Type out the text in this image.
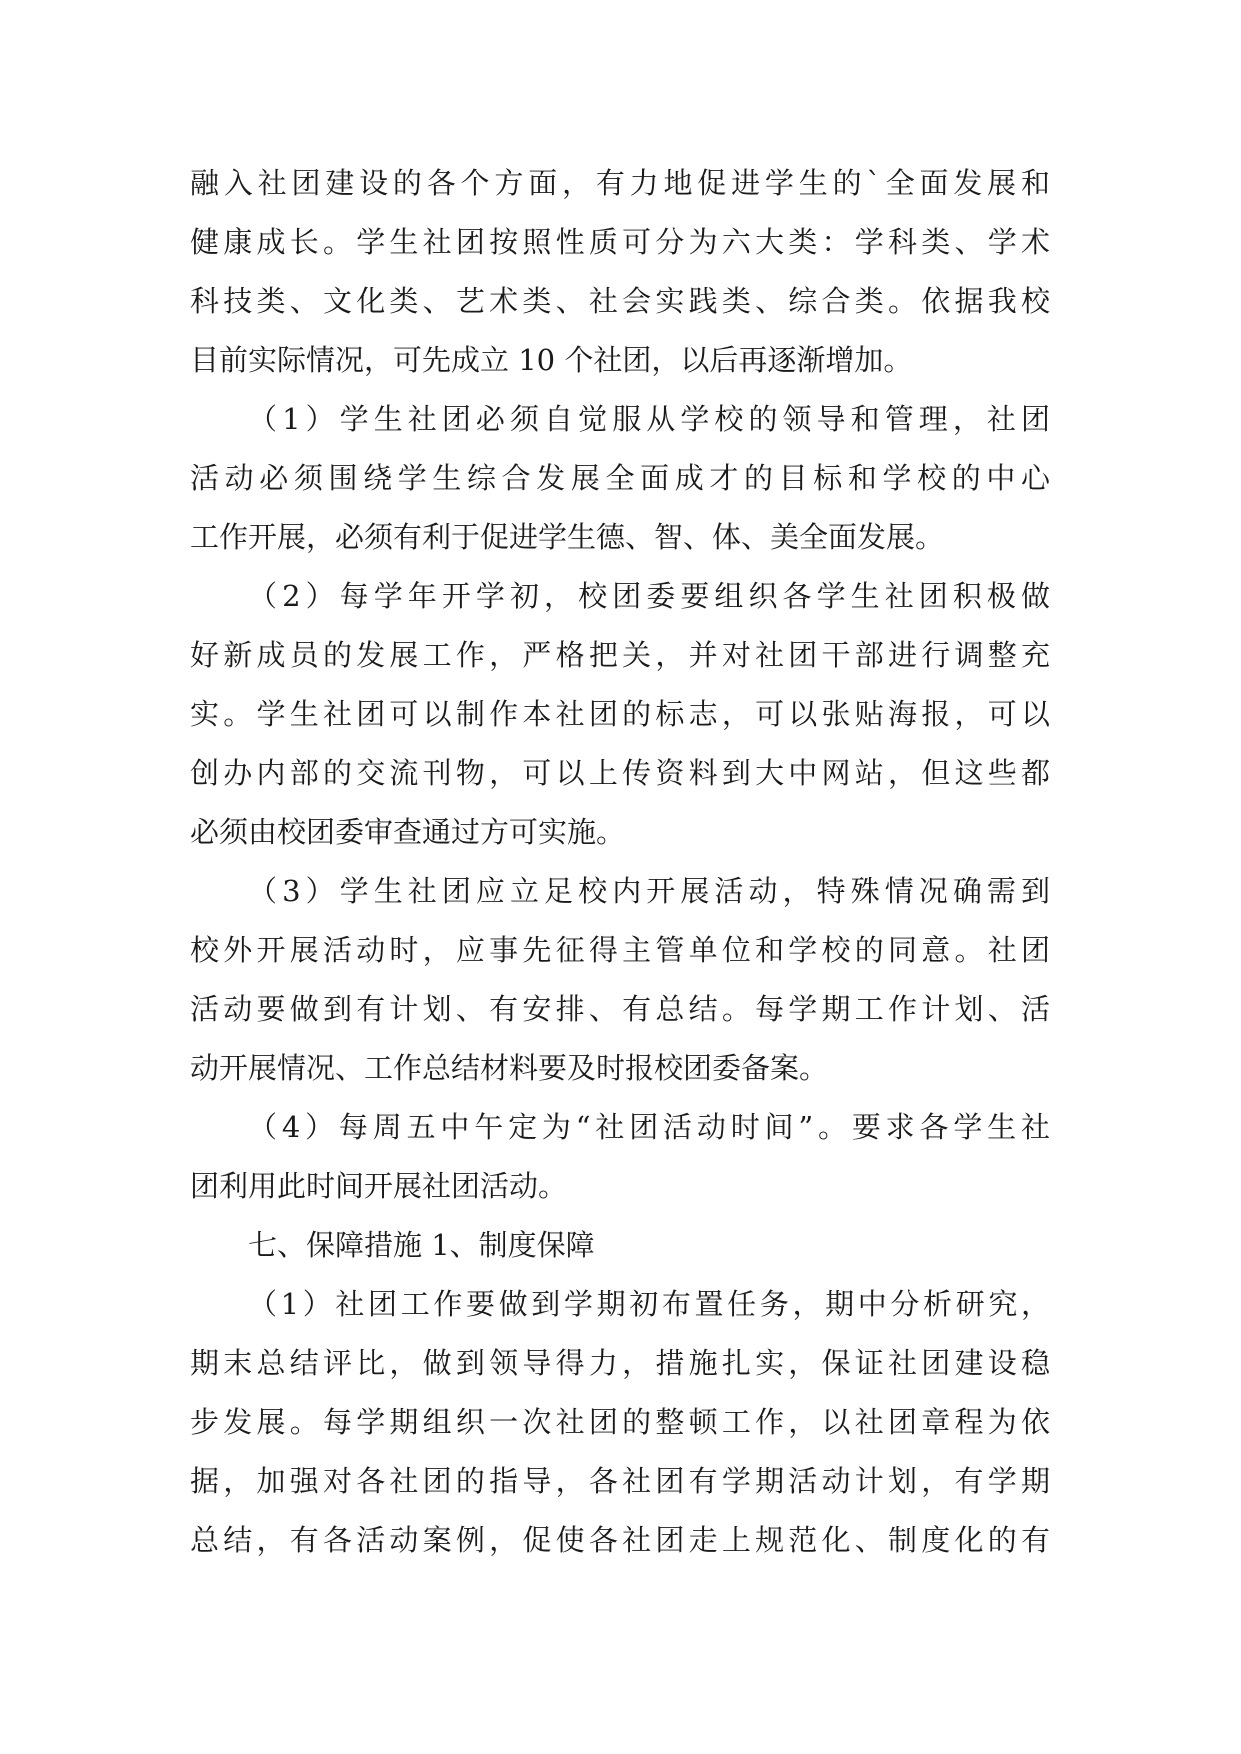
融入社团建设的各个方面，有力地促进学生的`全面发展和
健康成长。学生社团按照性质可分为六大类：学科类、学术
科技类、文化类、艺术类、社会实践类、综合类。依据我校
目前实际情况，可先成立 10 个社团，以后再逐渐增加。
（1）学生社团必须自觉服从学校的领导和管理，社团
活动必须围绕学生综合发展全面成才的目标和学校的中心
工作开展，必须有利于促进学生德、智、体、美全面发展。
（2）每学年开学初，校团委要组织各学生社团积极做
好新成员的发展工作，严格把关，并对社团干部进行调整充
实。学生社团可以制作本社团的标志，可以张贴海报，可以
创办内部的交流刊物，可以上传资料到大中网站，但这些都
必须由校团委审查通过方可实施。
（3）学生社团应立足校内开展活动，特殊情况确需到
校外开展活动时，应事先征得主管单位和学校的同意。社团
活动要做到有计划、有安排、有总结。每学期工作计划、活
动开展情况、工作总结材料要及时报校团委备案。
（4）每周五中午定为“社团活动时间”。要求各学生社
团利用此时间开展社团活动。
七、保障措施 1、制度保障
（1）社团工作要做到学期初布置任务，期中分析研究，
期末总结评比，做到领导得力，措施扎实，保证社团建设稳
步发展。每学期组织一次社团的整顿工作，以社团章程为依
据，加强对各社团的指导，各社团有学期活动计划，有学期
总结，有各活动案例，促使各社团走上规范化、制度化的有
